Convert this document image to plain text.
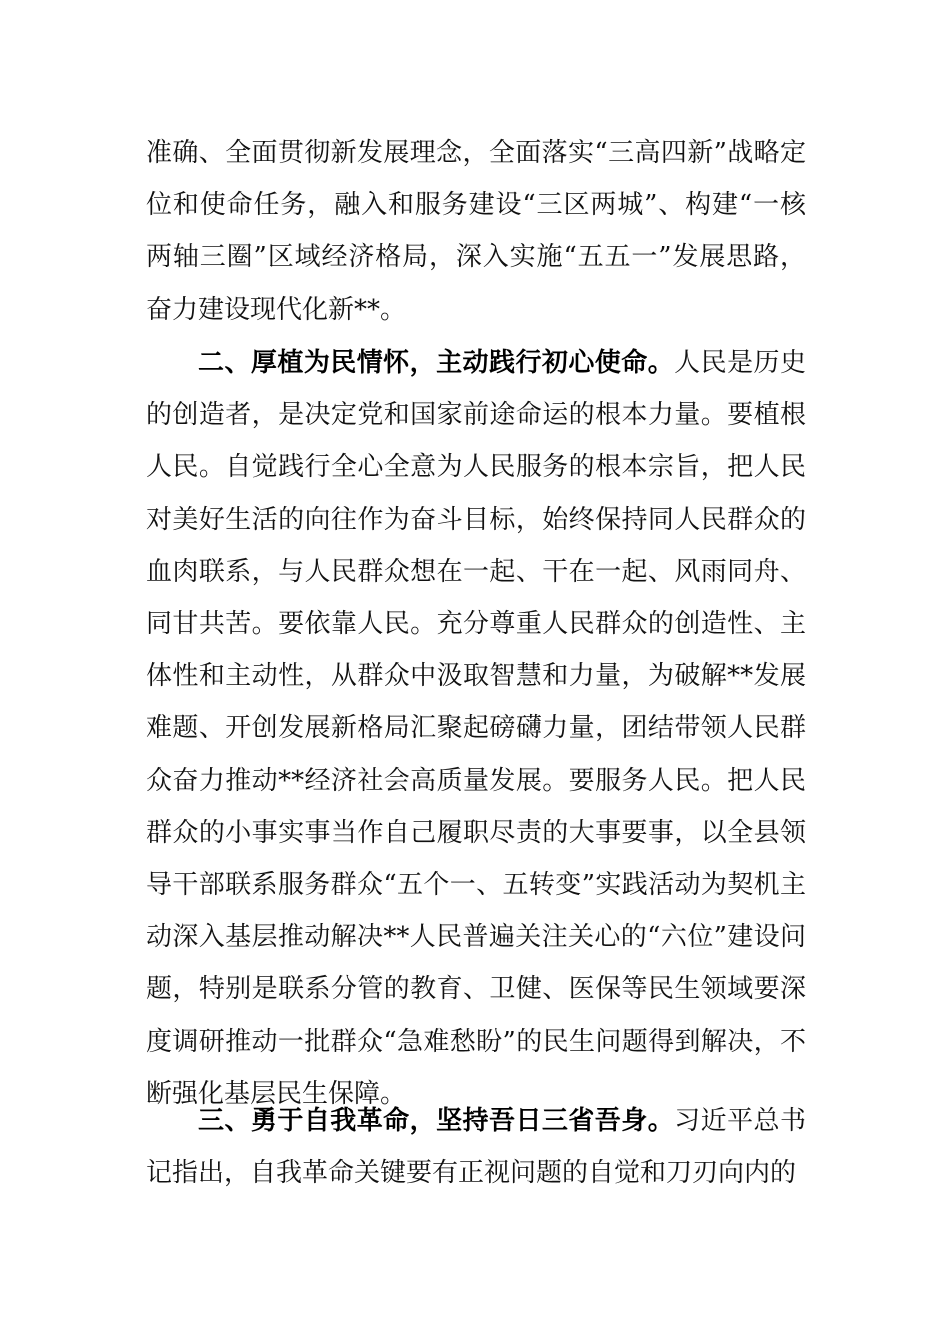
准确、全面贯彻新发展理念，全面落实“三高四新”战略定位和使命任务，融入和服务建设“三区两城”、构建“一核两轴三圈”区域经济格局，深入实施“五五一”发展思路，奋力建设现代化新**。

二、厚植为民情怀，主动践行初心使命。人民是历史的创造者，是决定党和国家前途命运的根本力量。要植根人民。自觉践行全心全意为人民服务的根本宗旨，把人民对美好生活的向往作为奋斗目标，始终保持同人民群众的血肉联系，与人民群众想在一起、干在一起、风雨同舟、同甘共苦。要依靠人民。充分尊重人民群众的创造性、主体性和主动性，从群众中汲取智慧和力量，为破解**发展难题、开创发展新格局汇聚起磅礴力量，团结带领人民群众奋力推动**经济社会高质量发展。要服务人民。把人民群众的小事实事当作自己履职尽责的大事要事，以全县领导干部联系服务群众“五个一、五转变”实践活动为契机主动深入基层推动解决**人民普遍关注关心的“六位”建设问题，特别是联系分管的教育、卫健、医保等民生领域要深度调研推动一批群众“急难愁盼”的民生问题得到解决，不断强化基层民生保障。

三、勇于自我革命，坚持吾日三省吾身。习近平总书记指出，自我革命关键要有正视问题的自觉和刀刃向内的
